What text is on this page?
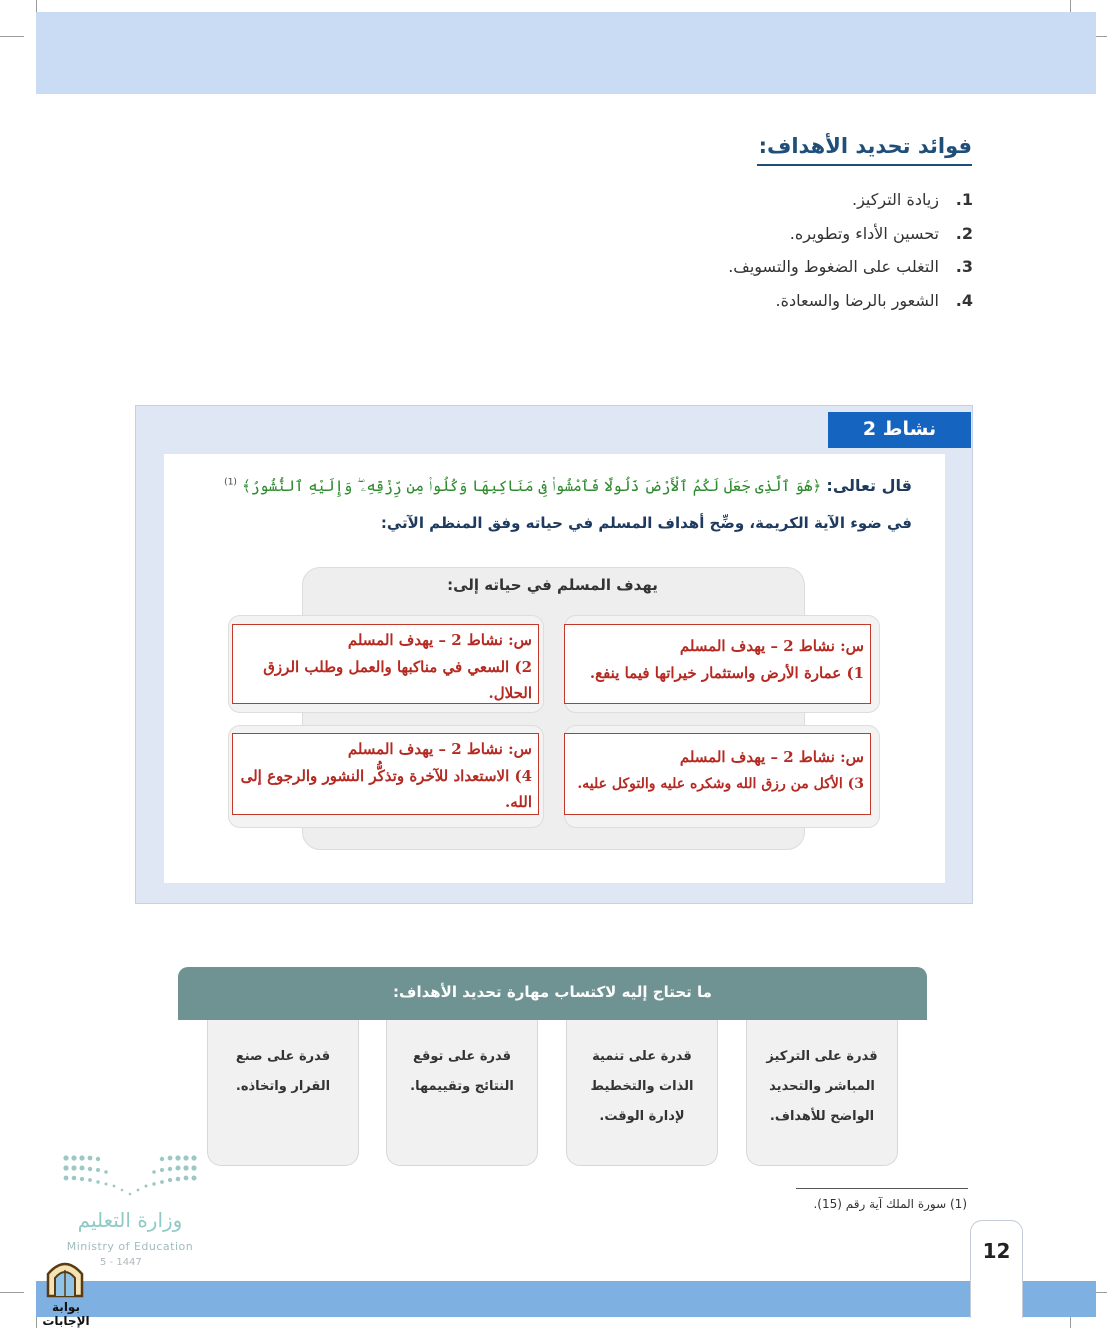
فوائد تحديد الأهداف:
1.
زيادة التركيز.
2.
تحسين الأداء وتطويره.
3.
التغلب على الضغوط والتسويف.
4.
الشعور بالرضا والسعادة.
نشاط 2
قال تعالى: ﴿هُوَ ٱلَّذِى جَعَلَ لَكُمُ ٱلْأَرْضَ ذَلُولًا فَٱمْشُوا۟ فِى مَنَاكِبِهَا وَكُلُوا۟ مِن رِّزْقِهِۦ ۖ وَإِلَيْهِ ٱلنُّشُورُ﴾ $^{(1)}$
في ضوء الآية الكريمة، وضِّح أهداف المسلم في حياته وفق المنظم الآتي:
يهدف المسلم في حياته إلى:
س: نشاط 2 – يهدف المسلم
1) عمارة الأرض واستثمار خيراتها فيما ينفع.
س: نشاط 2 – يهدف المسلم
2) السعي في مناكبها والعمل وطلب الرزق الحلال.
س: نشاط 2 – يهدف المسلم
3) الأكل من رزق الله وشكره عليه والتوكل عليه.
س: نشاط 2 – يهدف المسلم
4) الاستعداد للآخرة وتذكُّر النشور والرجوع إلى الله.
ما تحتاج إليه لاكتساب مهارة تحديد الأهداف:
قدرة على التركيز
المباشر والتحديد
الواضح للأهداف.
قدرة على تنمية
الذات والتخطيط
لإدارة الوقت.
قدرة على توقع
النتائج وتقييمها.
قدرة على صنع
القرار واتخاذه.
(1) سورة الملك آية رقم (15).
وزارة التعليم
Ministry of Education
5 - 1447	12
بوابة الإجابات
